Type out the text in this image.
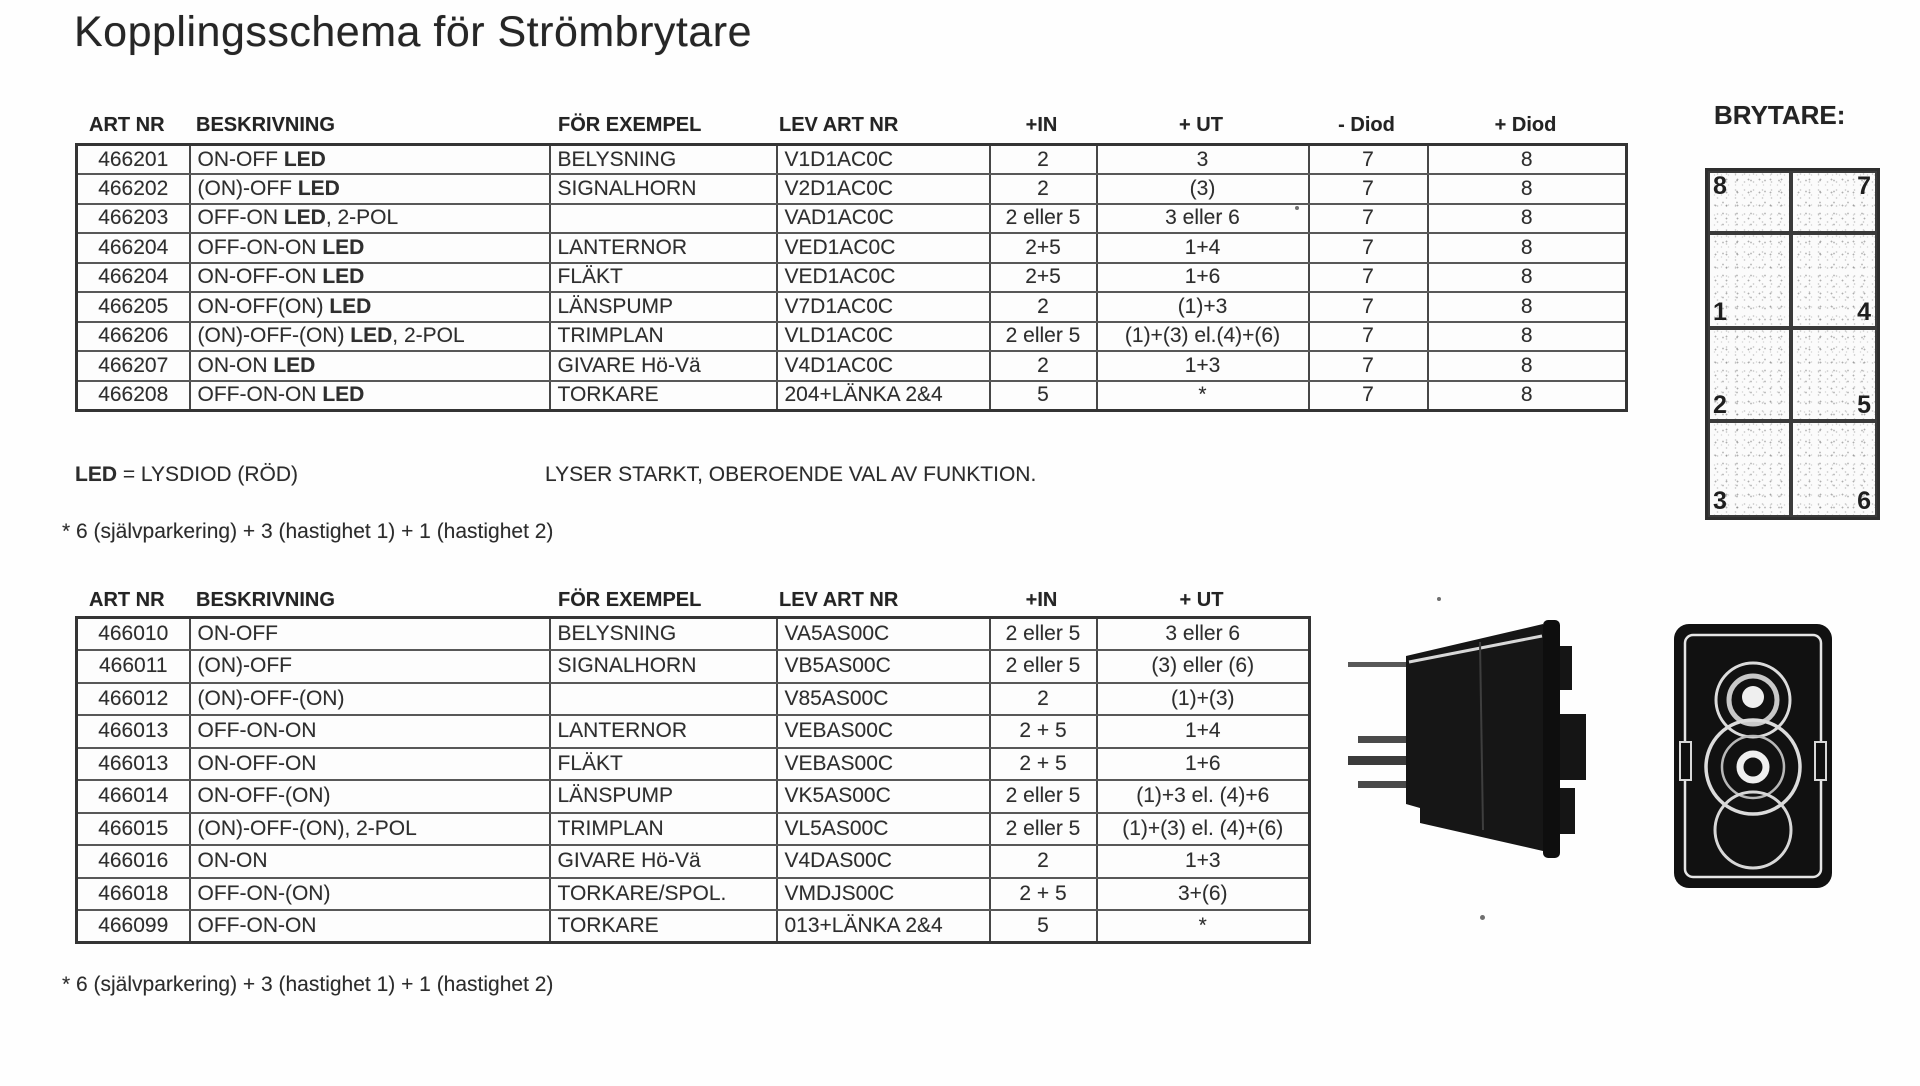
Kopplingsschema för Strömbrytare
ART NR	BESKRIVNING	FÖR EXEMPEL	LEV ART NR	+IN	+ UT	- Diod	+ Diod
466201	ON-OFF LED	BELYSNING	V1D1AC0C	2	3	7	8
466202	(ON)-OFF LED	SIGNALHORN	V2D1AC0C	2	(3)	7	8
466203	OFF-ON LED, 2-POL		VAD1AC0C	2 eller 5	3 eller 6	7	8
466204	OFF-ON-ON LED	LANTERNOR	VED1AC0C	2+5	1+4	7	8
466204	ON-OFF-ON LED	FLÄKT	VED1AC0C	2+5	1+6	7	8
466205	ON-OFF(ON) LED	LÄNSPUMP	V7D1AC0C	2	(1)+3	7	8
466206	(ON)-OFF-(ON) LED, 2-POL	TRIMPLAN	VLD1AC0C	2 eller 5	(1)+(3) el.(4)+(6)	7	8
466207	ON-ON LED	GIVARE Hö-Vä	V4D1AC0C	2	1+3	7	8
466208	OFF-ON-ON LED	TORKARE	204+LÄNKA 2&4	5	*	7	8
BRYTARE:
8	7
1	4
2	5
3	6
LED = LYSDIOD (RÖD)	LYSER STARKT, OBEROENDE VAL AV FUNKTION.
* 6 (självparkering) + 3 (hastighet 1) + 1 (hastighet 2)
ART NR	BESKRIVNING	FÖR EXEMPEL	LEV ART NR	+IN	+ UT
466010	ON-OFF	BELYSNING	VA5AS00C	2 eller 5	3 eller 6
466011	(ON)-OFF	SIGNALHORN	VB5AS00C	2 eller 5	(3) eller (6)
466012	(ON)-OFF-(ON)		V85AS00C	2	(1)+(3)
466013	OFF-ON-ON	LANTERNOR	VEBAS00C	2 + 5	1+4
466013	ON-OFF-ON	FLÄKT	VEBAS00C	2 + 5	1+6
466014	ON-OFF-(ON)	LÄNSPUMP	VK5AS00C	2 eller 5	(1)+3 el. (4)+6
466015	(ON)-OFF-(ON), 2-POL	TRIMPLAN	VL5AS00C	2 eller 5	(1)+(3) el. (4)+(6)
466016	ON-ON	GIVARE Hö-Vä	V4DAS00C	2	1+3
466018	OFF-ON-(ON)	TORKARE/SPOL.	VMDJS00C	2 + 5	3+(6)
466099	OFF-ON-ON	TORKARE	013+LÄNKA 2&4	5	*
* 6 (självparkering) + 3 (hastighet 1) + 1 (hastighet 2)
